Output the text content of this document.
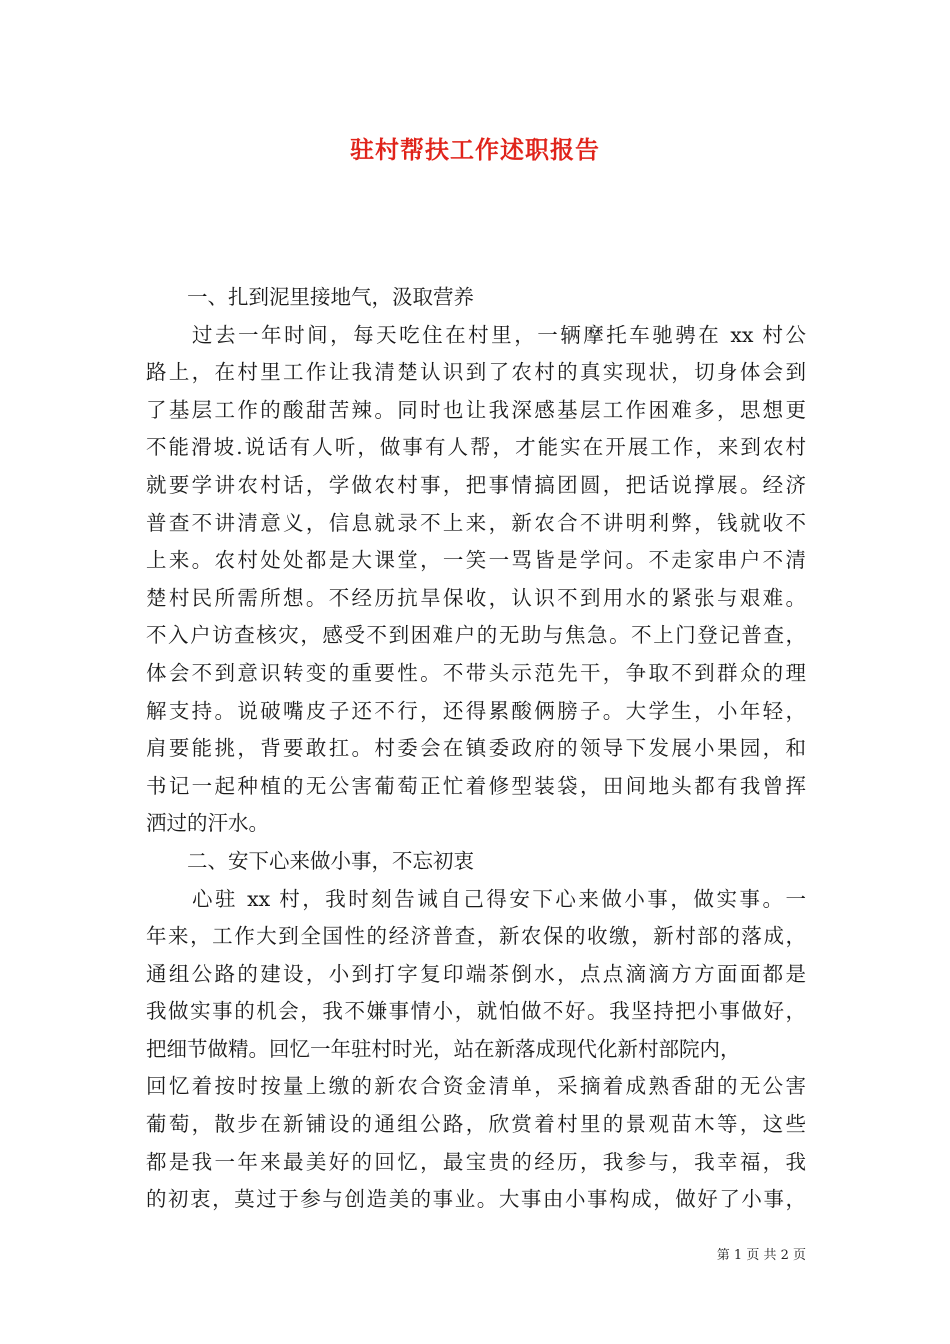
驻村帮扶工作述职报告
　　一、扎到泥里接地气，汲取营养
　　过去一年时间，每天吃住在村里，一辆摩托车驰骋在 xx 村公
路上，在村里工作让我清楚认识到了农村的真实现状，切身体会到
了基层工作的酸甜苦辣。同时也让我深感基层工作困难多，思想更
不能滑坡.说话有人听，做事有人帮，才能实在开展工作，来到农村
就要学讲农村话，学做农村事，把事情搞团圆，把话说撑展。经济
普查不讲清意义，信息就录不上来，新农合不讲明利弊，钱就收不
上来。农村处处都是大课堂，一笑一骂皆是学问。不走家串户不清
楚村民所需所想。不经历抗旱保收，认识不到用水的紧张与艰难。
不入户访查核灾，感受不到困难户的无助与焦急。不上门登记普查，
体会不到意识转变的重要性。不带头示范先干，争取不到群众的理
解支持。说破嘴皮子还不行，还得累酸俩膀子。大学生，小年轻，
肩要能挑，背要敢扛。村委会在镇委政府的领导下发展小果园，和
书记一起种植的无公害葡萄正忙着修型装袋，田间地头都有我曾挥
洒过的汗水。
　　二、安下心来做小事，不忘初衷
　　心驻 xx 村，我时刻告诫自己得安下心来做小事，做实事。一
年来，工作大到全国性的经济普查，新农保的收缴，新村部的落成，
通组公路的建设，小到打字复印端茶倒水，点点滴滴方方面面都是
我做实事的机会，我不嫌事情小，就怕做不好。我坚持把小事做好，
把细节做精。回忆一年驻村时光，站在新落成现代化新村部院内，
回忆着按时按量上缴的新农合资金清单，采摘着成熟香甜的无公害
葡萄，散步在新铺设的通组公路，欣赏着村里的景观苗木等，这些
都是我一年来最美好的回忆，最宝贵的经历，我参与，我幸福，我
的初衷，莫过于参与创造美的事业。大事由小事构成，做好了小事，
第 1 页 共 2 页
